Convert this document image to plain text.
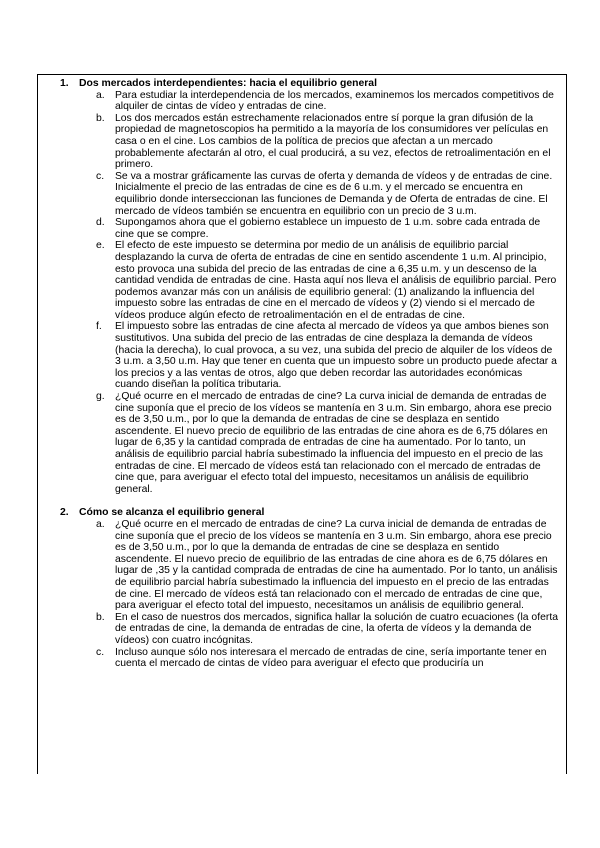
1. Dos mercados interdependientes: hacia el equilibrio general
a. Para estudiar la interdependencia de los mercados, examinemos los mercados competitivos de alquiler de cintas de vídeo y entradas de cine.
b. Los dos mercados están estrechamente relacionados entre sí porque la gran difusión de la propiedad de magnetoscopios ha permitido a la mayoría de los consumidores ver películas en casa o en el cine. Los cambios de la política de precios que afectan a un mercado probablemente afectarán al otro, el cual producirá, a su vez, efectos de retroalimentación en el primero.
c. Se va a mostrar gráficamente las curvas de oferta y demanda de vídeos y de entradas de cine. Inicialmente el precio de las entradas de cine es de 6 u.m. y el mercado se encuentra en equilibrio donde interseccionan las funciones de Demanda y de Oferta de entradas de cine. El mercado de vídeos también se encuentra en equilibrio con un precio de 3 u.m.
d. Supongamos ahora que el gobierno establece un impuesto de 1 u.m. sobre cada entrada de cine que se compre.
e. El efecto de este impuesto se determina por medio de un análisis de equilibrio parcial desplazando la curva de oferta de entradas de cine en sentido ascendente 1 u.m. Al principio, esto provoca una subida del precio de las entradas de cine a 6,35 u.m. y un descenso de la cantidad vendida de entradas de cine. Hasta aquí nos lleva el análisis de equilibrio parcial. Pero podemos avanzar más con un análisis de equilibrio general: (1) analizando la influencia del impuesto sobre las entradas de cine en el mercado de vídeos y (2) viendo si el mercado de vídeos produce algún efecto de retroalimentación en el de entradas de cine.
f. El impuesto sobre las entradas de cine afecta al mercado de vídeos ya que ambos bienes son sustitutivos. Una subida del precio de las entradas de cine desplaza la demanda de vídeos (hacia la derecha), lo cual provoca, a su vez, una subida del precio de alquiler de los vídeos de 3 u.m. a 3,50 u.m. Hay que tener en cuenta que un impuesto sobre un producto puede afectar a los precios y a las ventas de otros, algo que deben recordar las autoridades económicas cuando diseñan la política tributaria.
g. ¿Qué ocurre en el mercado de entradas de cine? La curva inicial de demanda de entradas de cine suponía que el precio de los vídeos se mantenía en 3 u.m. Sin embargo, ahora ese precio es de 3,50 u.m., por lo que la demanda de entradas de cine se desplaza en sentido ascendente. El nuevo precio de equilibrio de las entradas de cine ahora es de 6,75 dólares en lugar de 6,35 y la cantidad comprada de entradas de cine ha aumentado. Por lo tanto, un análisis de equilibrio parcial habría subestimado la influencia del impuesto en el precio de las entradas de cine. El mercado de vídeos está tan relacionado con el mercado de entradas de cine que, para averiguar el efecto total del impuesto, necesitamos un análisis de equilibrio general.
2. Cómo se alcanza el equilibrio general
a. ¿Qué ocurre en el mercado de entradas de cine? La curva inicial de demanda de entradas de cine suponía que el precio de los vídeos se mantenía en 3 u.m. Sin embargo, ahora ese precio es de 3,50 u.m., por lo que la demanda de entradas de cine se desplaza en sentido ascendente. El nuevo precio de equilibrio de las entradas de cine ahora es de 6,75 dólares en lugar de ,35 y la cantidad comprada de entradas de cine ha aumentado. Por lo tanto, un análisis de equilibrio parcial habría subestimado la influencia del impuesto en el precio de las entradas de cine. El mercado de vídeos está tan relacionado con el mercado de entradas de cine que, para averiguar el efecto total del impuesto, necesitamos un análisis de equilibrio general.
b. En el caso de nuestros dos mercados, significa hallar la solución de cuatro ecuaciones (la oferta de entradas de cine, la demanda de entradas de cine, la oferta de vídeos y la demanda de vídeos) con cuatro incógnitas.
c. Incluso aunque sólo nos interesara el mercado de entradas de cine, sería importante tener en cuenta el mercado de cintas de vídeo para averiguar el efecto que produciría un
